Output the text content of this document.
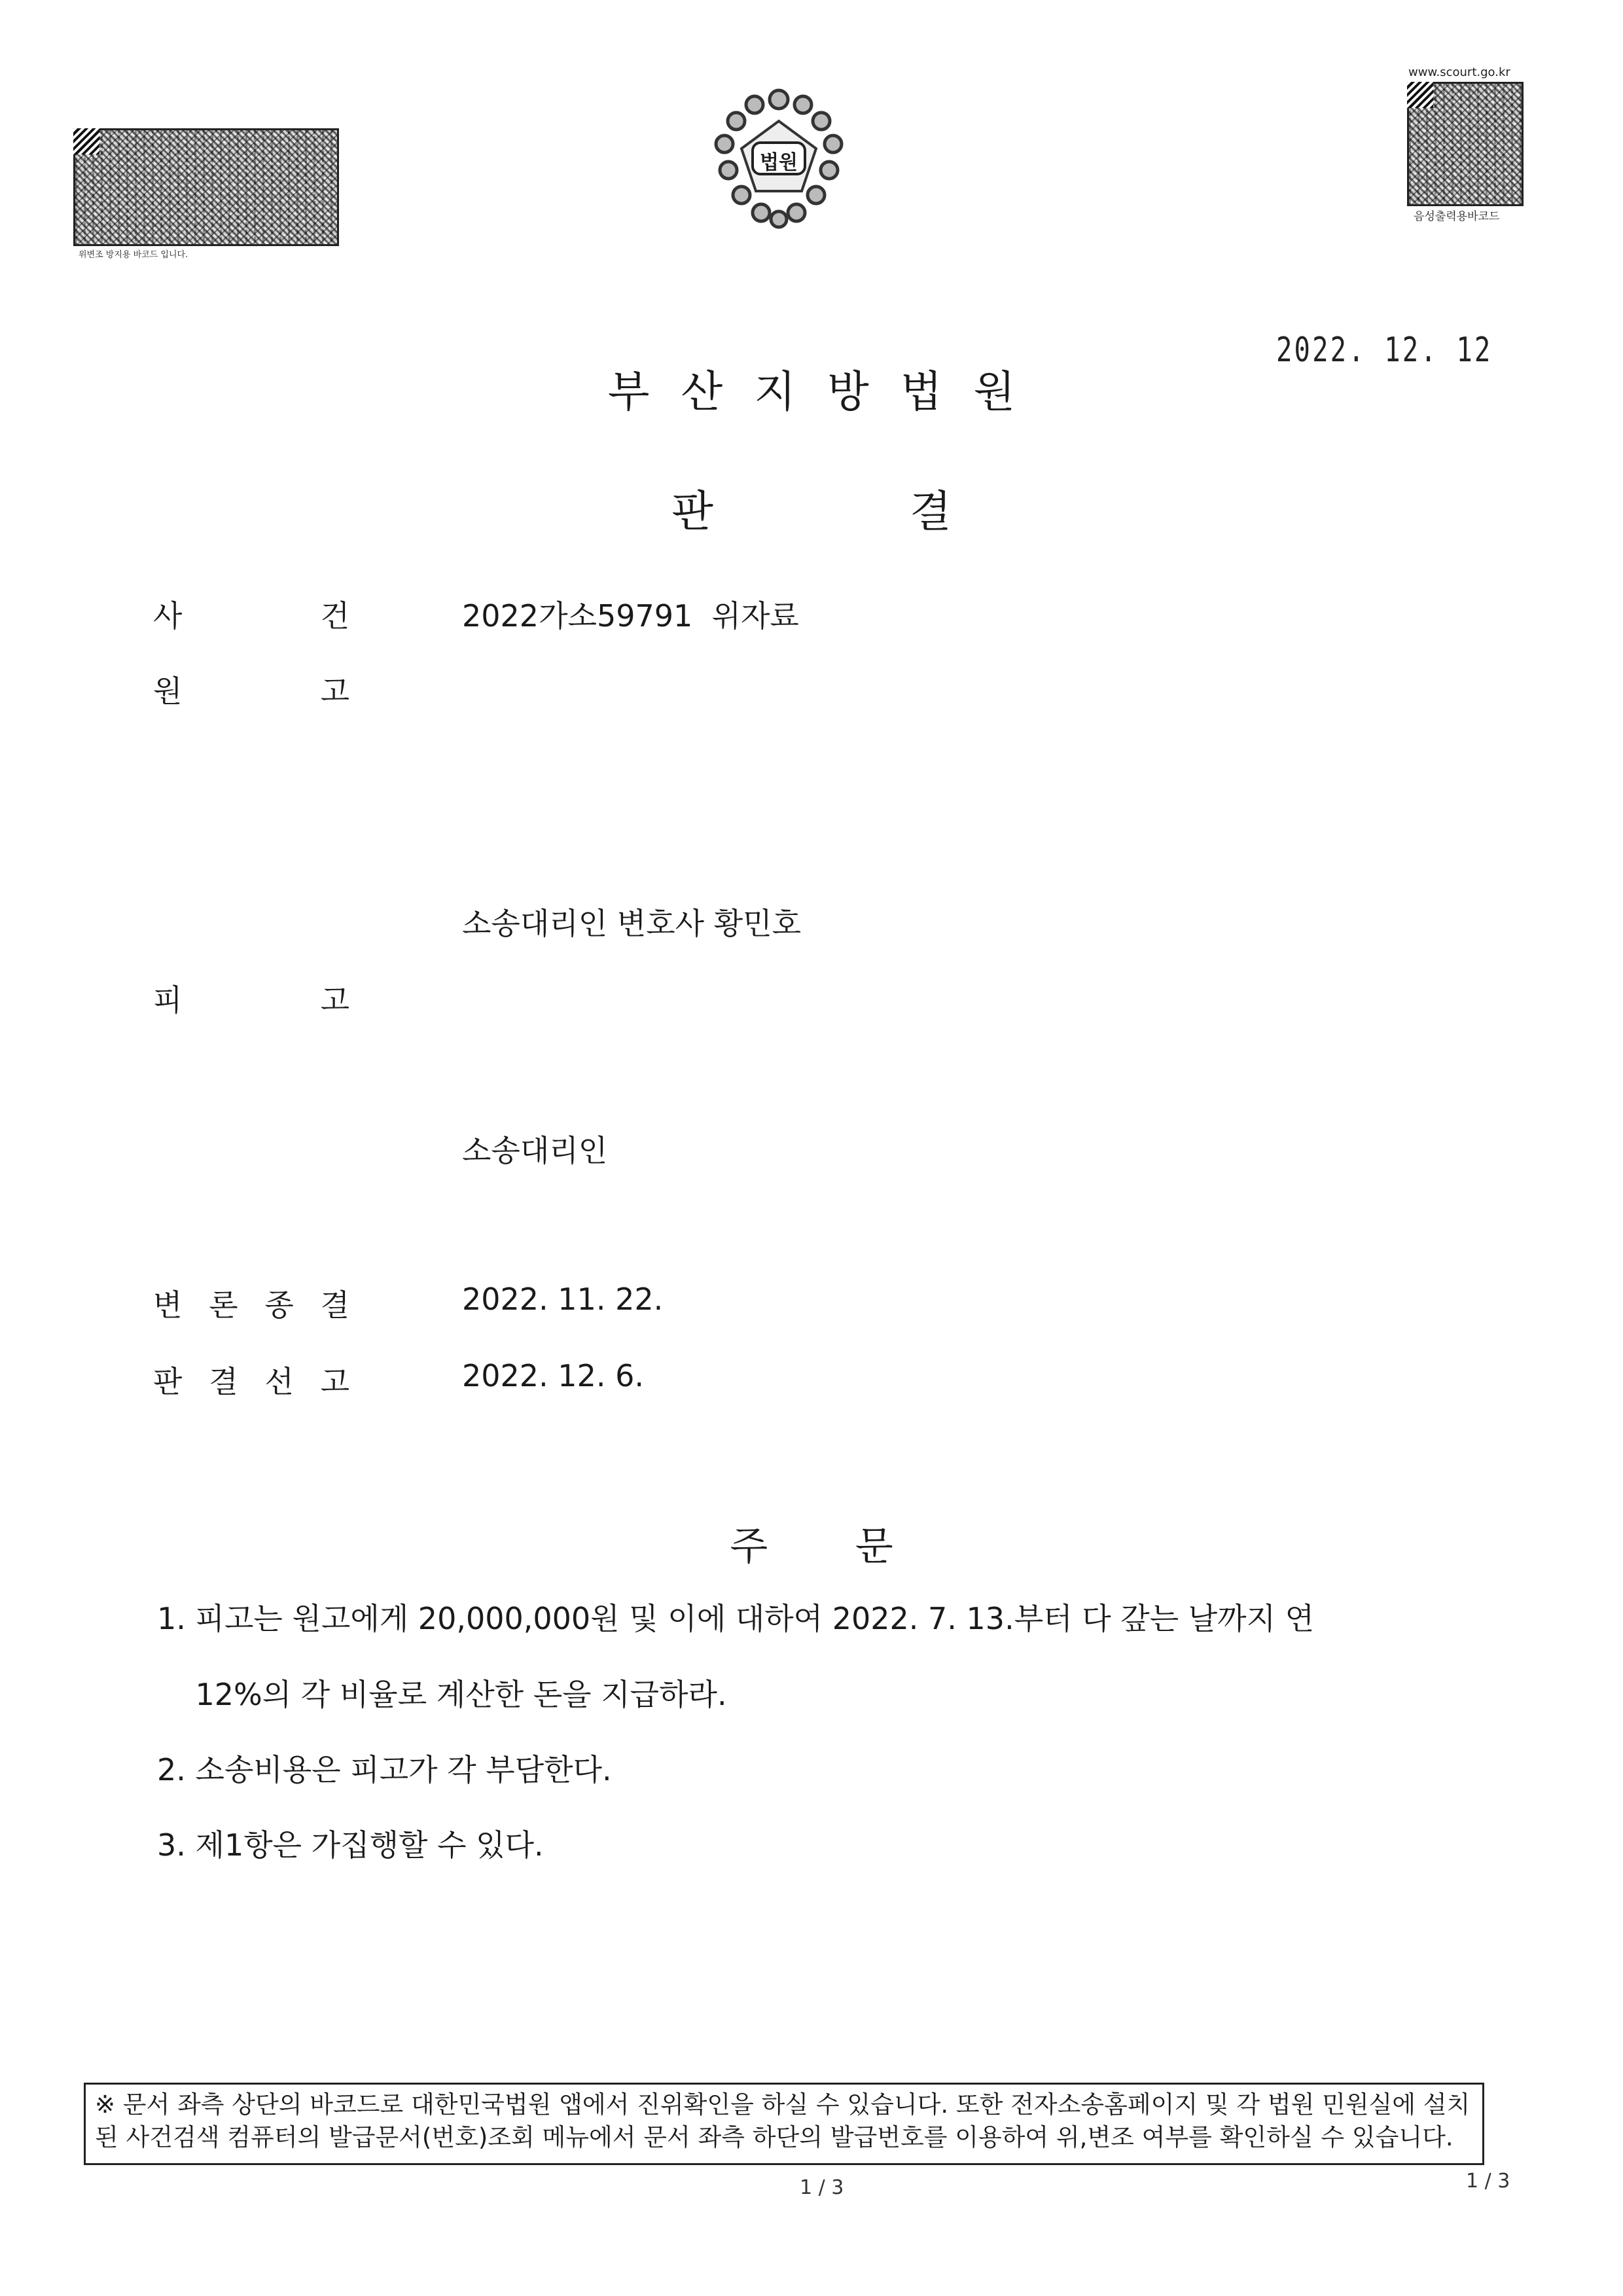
위변조 방지용 바코드 입니다.
www.scourt.go.kr
음성출력용바코드
법원
2022. 12. 12
부산지방법원
판	결
사	건	2022가소59791  위자료
원	고
소송대리인 변호사 황민호
피	고
소송대리인
변 론 종 결	2022. 11. 22.
판 결 선 고	2022. 12. 6.
주       문
1. 피고는 원고에게 20,000,000원 및 이에 대하여 2022. 7. 13.부터 다 갚는 날까지 연
12%의 각 비율로 계산한 돈을 지급하라.
2. 소송비용은 피고가 각 부담한다.
3. 제1항은 가집행할 수 있다.
※ 문서 좌측 상단의 바코드로 대한민국법원 앱에서 진위확인을 하실 수 있습니다. 또한 전자소송홈페이지 및 각 법원 민원실에 설치된 사건검색 컴퓨터의 발급문서(번호)조회 메뉴에서 문서 좌측 하단의 발급번호를 이용하여 위,변조 여부를 확인하실 수 있습니다.
1 / 3	1 / 3
